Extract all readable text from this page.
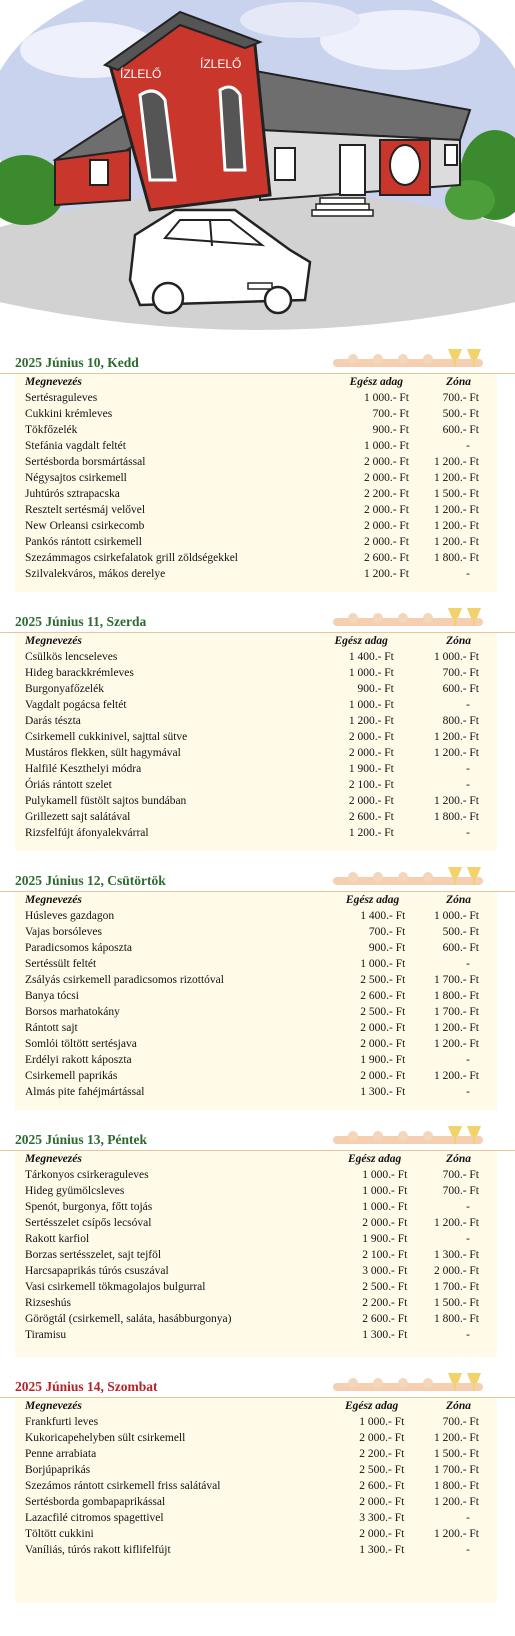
ÍZLELŐ
ÍZLELŐ
2025 Június 10, Kedd
Megnevezés	Egész adag	Zóna
Sertésraguleves	1 000.- Ft	700.- Ft
Cukkini krémleves	700.- Ft	500.- Ft
Tökfőzelék	900.- Ft	600.- Ft
Stefánia vagdalt feltét	1 000.- Ft	-
Sertésborda borsmártással	2 000.- Ft	1 200.- Ft
Négysajtos csirkemell	2 000.- Ft	1 200.- Ft
Juhtúrós sztrapacska	2 200.- Ft	1 500.- Ft
Resztelt sertésmáj velővel	2 000.- Ft	1 200.- Ft
New Orleansi csirkecomb	2 000.- Ft	1 200.- Ft
Pankós rántott csirkemell	2 000.- Ft	1 200.- Ft
Szezámmagos csirkefalatok grill zöldségekkel	2 600.- Ft	1 800.- Ft
Szilvalekváros, mákos derelye	1 200.- Ft	-
2025 Június 11, Szerda
Megnevezés	Egész adag	Zóna
Csülkös lencseleves	1 400.- Ft	1 000.- Ft
Hideg barackkrémleves	1 000.- Ft	700.- Ft
Burgonyafőzelék	900.- Ft	600.- Ft
Vagdalt pogácsa feltét	1 000.- Ft	-
Darás tészta	1 200.- Ft	800.- Ft
Csirkemell cukkinivel, sajttal sütve	2 000.- Ft	1 200.- Ft
Mustáros flekken, sült hagymával	2 000.- Ft	1 200.- Ft
Halfilé Keszthelyi módra	1 900.- Ft	-
Óriás rántott szelet	2 100.- Ft	-
Pulykamell füstölt sajtos bundában	2 000.- Ft	1 200.- Ft
Grillezett sajt salátával	2 600.- Ft	1 800.- Ft
Rizsfelfújt áfonyalekvárral	1 200.- Ft	-
2025 Június 12, Csütörtök
Megnevezés	Egész adag	Zóna
Húsleves gazdagon	1 400.- Ft	1 000.- Ft
Vajas borsóleves	700.- Ft	500.- Ft
Paradicsomos káposzta	900.- Ft	600.- Ft
Sertéssült feltét	1 000.- Ft	-
Zsályás csirkemell paradicsomos rizottóval	2 500.- Ft	1 700.- Ft
Banya tócsi	2 600.- Ft	1 800.- Ft
Borsos marhatokány	2 500.- Ft	1 700.- Ft
Rántott sajt	2 000.- Ft	1 200.- Ft
Somlói töltött sertésjava	2 000.- Ft	1 200.- Ft
Erdélyi rakott káposzta	1 900.- Ft	-
Csirkemell paprikás	2 000.- Ft	1 200.- Ft
Almás pite fahéjmártással	1 300.- Ft	-
2025 Június 13, Péntek
Megnevezés	Egész adag	Zóna
Tárkonyos csirkeraguleves	1 000.- Ft	700.- Ft
Hideg gyümölcsleves	1 000.- Ft	700.- Ft
Spenót, burgonya, főtt tojás	1 000.- Ft	-
Sertésszelet csípős lecsóval	2 000.- Ft	1 200.- Ft
Rakott karfiol	1 900.- Ft	-
Borzas sertésszelet, sajt tejföl	2 100.- Ft	1 300.- Ft
Harcsapaprikás túrós csuszával	3 000.- Ft	2 000.- Ft
Vasi csirkemell tökmagolajos bulgurral	2 500.- Ft	1 700.- Ft
Rizseshús	2 200.- Ft	1 500.- Ft
Görögtál (csirkemell, saláta, hasábburgonya)	2 600.- Ft	1 800.- Ft
Tiramisu	1 300.- Ft	-
2025 Június 14, Szombat
Megnevezés	Egész adag	Zóna
Frankfurti leves	1 000.- Ft	700.- Ft
Kukoricapehelyben sült csirkemell	2 000.- Ft	1 200.- Ft
Penne arrabiata	2 200.- Ft	1 500.- Ft
Borjúpaprikás	2 500.- Ft	1 700.- Ft
Szezámos rántott csirkemell friss salátával	2 600.- Ft	1 800.- Ft
Sertésborda gombapaprikással	2 000.- Ft	1 200.- Ft
Lazacfilé citromos spagettivel	3 300.- Ft	-
Töltött cukkini	2 000.- Ft	1 200.- Ft
Vaníliás, túrós rakott kiflifelfújt	1 300.- Ft	-
